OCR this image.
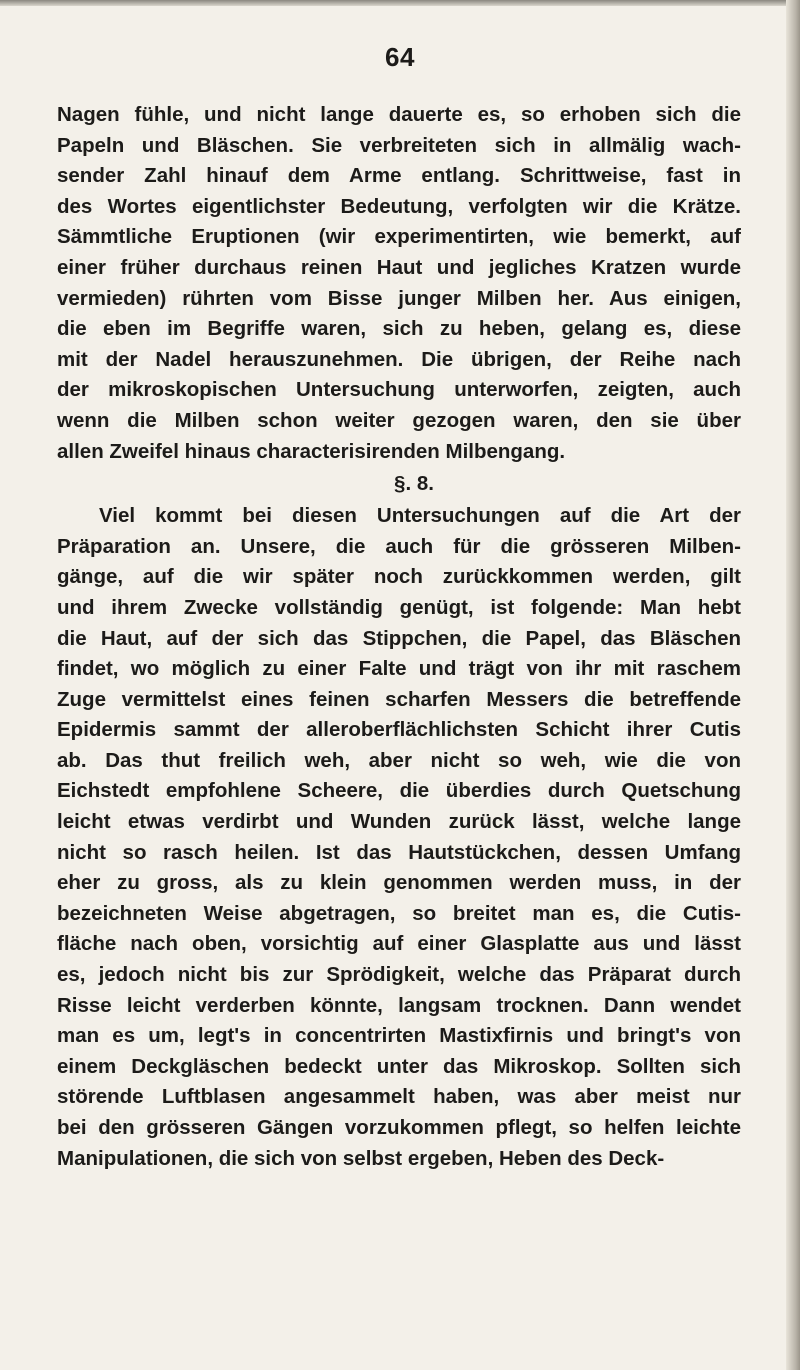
64
Nagen fühle, und nicht lange dauerte es, so erhoben sich die
Papeln und Bläschen. Sie verbreiteten sich in allmälig wach-
sender Zahl hinauf dem Arme entlang. Schrittweise, fast in
des Wortes eigentlichster Bedeutung, verfolgten wir die Krätze.
Sämmtliche Eruptionen (wir experimentirten, wie bemerkt, auf
einer früher durchaus reinen Haut und jegliches Kratzen wurde
vermieden) rührten vom Bisse junger Milben her. Aus einigen,
die eben im Begriffe waren, sich zu heben, gelang es, diese
mit der Nadel herauszunehmen. Die übrigen, der Reihe nach
der mikroskopischen Untersuchung unterworfen, zeigten, auch
wenn die Milben schon weiter gezogen waren, den sie über
allen Zweifel hinaus characterisirenden Milbengang.
§. 8.
Viel kommt bei diesen Untersuchungen auf die Art der
Präparation an. Unsere, die auch für die grösseren Milben-
gänge, auf die wir später noch zurückkommen werden, gilt
und ihrem Zwecke vollständig genügt, ist folgende: Man hebt
die Haut, auf der sich das Stippchen, die Papel, das Bläschen
findet, wo möglich zu einer Falte und trägt von ihr mit raschem
Zuge vermittelst eines feinen scharfen Messers die betreffende
Epidermis sammt der alleroberflächlichsten Schicht ihrer Cutis
ab. Das thut freilich weh, aber nicht so weh, wie die von
Eichstedt empfohlene Scheere, die überdies durch Quetschung
leicht etwas verdirbt und Wunden zurück lässt, welche lange
nicht so rasch heilen. Ist das Hautstückchen, dessen Umfang
eher zu gross, als zu klein genommen werden muss, in der
bezeichneten Weise abgetragen, so breitet man es, die Cutis-
fläche nach oben, vorsichtig auf einer Glasplatte aus und lässt
es, jedoch nicht bis zur Sprödigkeit, welche das Präparat durch
Risse leicht verderben könnte, langsam trocknen. Dann wendet
man es um, legt's in concentrirten Mastixfirnis und bringt's von
einem Deckgläschen bedeckt unter das Mikroskop. Sollten sich
störende Luftblasen angesammelt haben, was aber meist nur
bei den grösseren Gängen vorzukommen pflegt, so helfen leichte
Manipulationen, die sich von selbst ergeben, Heben des Deck-
